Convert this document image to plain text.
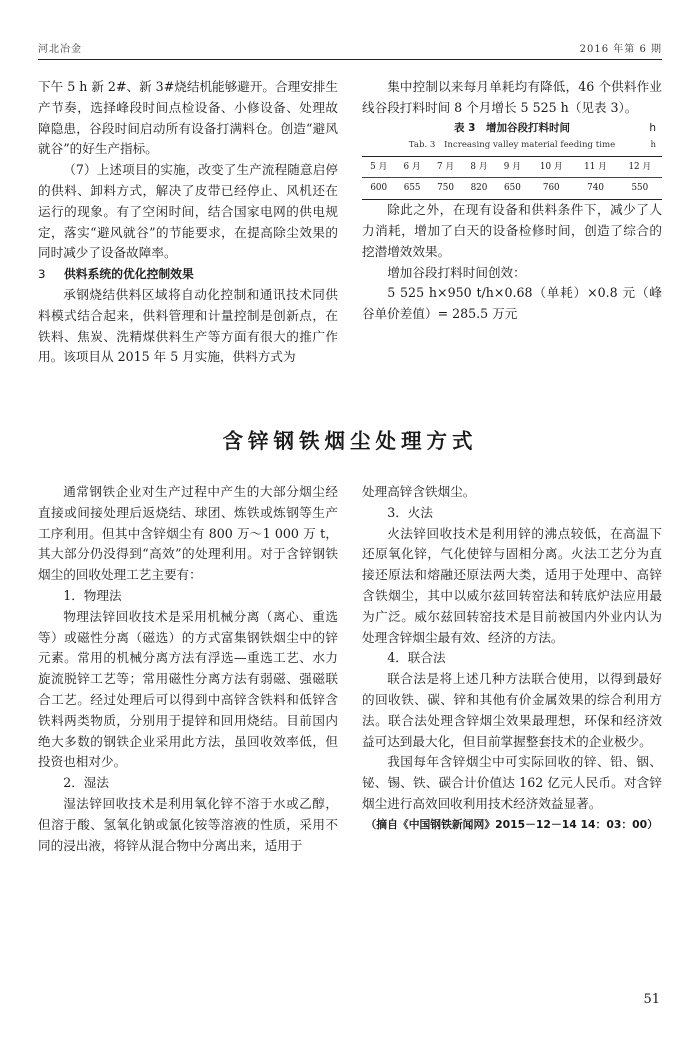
河北冶金	2016 年第 6 期

下午 5 h 新 2#、新 3#烧结机能够避开。合理安排生产节奏，选择峰段时间点检设备、小修设备、处理故障隐患，谷段时间启动所有设备打满料仓。创造“避风就谷”的好生产指标。

（7）上述项目的实施，改变了生产流程随意启停的供料、卸料方式，解决了皮带已经停止、风机还在运行的现象。有了空闲时间，结合国家电网的供电规定，落实“避风就谷”的节能要求，在提高除尘效果的同时减少了设备故障率。

3 供料系统的优化控制效果

承钢烧结供料区域将自动化控制和通讯技术同供料模式结合起来，供料管理和计量控制是创新点，在铁料、焦炭、洗精煤供料生产等方面有很大的推广作用。该项目从 2015 年 5 月实施，供料方式为

集中控制以来每月单耗均有降低，46 个供料作业线谷段打料时间 8 个月增长 5 525 h（见表 3）。

表 3　增加谷段打料时间	h
Tab. 3　Increasing valley material feeding time	h
5 月	6 月	7 月	8 月	9 月	10 月	11 月	12 月
600	655	750	820	650	760	740	550

除此之外，在现有设备和供料条件下，减少了人力消耗，增加了白天的设备检修时间，创造了综合的挖潜增效效果。

增加谷段打料时间创效：

5 525 h×950 t/h×0.68（单耗）×0.8 元（峰谷单价差值）= 285.5 万元

含锌钢铁烟尘处理方式

通常钢铁企业对生产过程中产生的大部分烟尘经直接或间接处理后返烧结、球团、炼铁或炼钢等生产工序利用。但其中含锌烟尘有 800 万～1 000 万 t，其大部分仍没得到“高效”的处理利用。对于含锌钢铁烟尘的回收处理工艺主要有：

1．物理法

物理法锌回收技术是采用机械分离（离心、重选等）或磁性分离（磁选）的方式富集钢铁烟尘中的锌元素。常用的机械分离方法有浮选—重选工艺、水力旋流脱锌工艺等；常用磁性分离方法有弱磁、强磁联合工艺。经过处理后可以得到中高锌含铁料和低锌含铁料两类物质，分别用于提锌和回用烧结。目前国内绝大多数的钢铁企业采用此方法，虽回收效率低，但投资也相对少。

2．湿法

湿法锌回收技术是利用氧化锌不溶于水或乙醇，但溶于酸、氢氧化钠或氯化铵等溶液的性质，采用不同的浸出液，将锌从混合物中分离出来，适用于

处理高锌含铁烟尘。

3．火法

火法锌回收技术是利用锌的沸点较低，在高温下还原氧化锌，气化使锌与固相分离。火法工艺分为直接还原法和熔融还原法两大类，适用于处理中、高锌含铁烟尘，其中以威尔兹回转窑法和转底炉法应用最为广泛。威尔兹回转窑技术是目前被国内外业内认为处理含锌烟尘最有效、经济的方法。

4．联合法

联合法是将上述几种方法联合使用，以得到最好的回收铁、碳、锌和其他有价金属效果的综合利用方法。联合法处理含锌烟尘效果最理想，环保和经济效益可达到最大化，但目前掌握整套技术的企业极少。

我国每年含锌烟尘中可实际回收的锌、铅、铟、铋、锡、铁、碳合计价值达 162 亿元人民币。对含锌烟尘进行高效回收利用技术经济效益显著。

（摘自《中国钢铁新闻网》2015－12－14 14：03：00）

51
